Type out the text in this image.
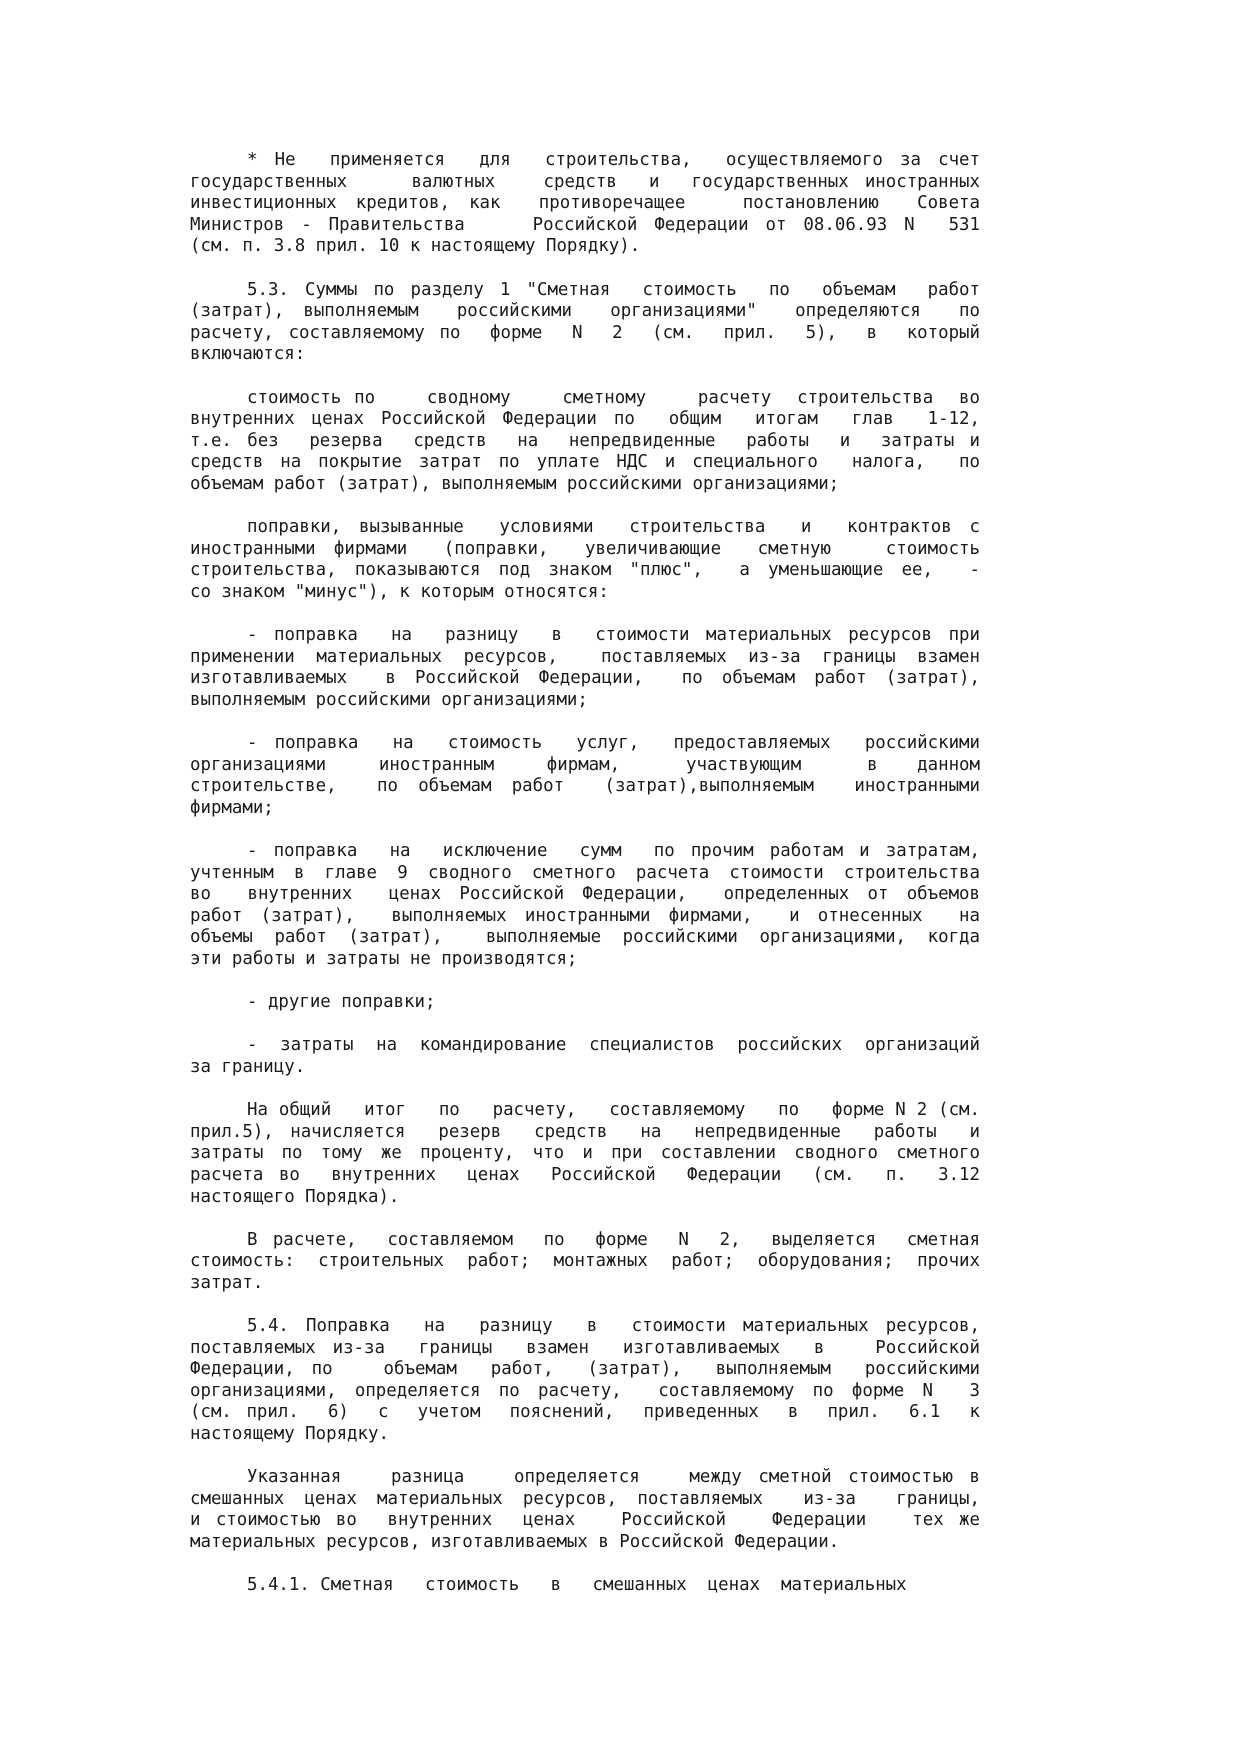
* Не  применяется  для  строительства,  осуществляемого за счет
государственных    валютных   средств  и  государственных иностранных
инвестиционных кредитов, как  противоречащее   постановлению  Совета
Министров - Правительства    Российской Федерации от 08.06.93 N  531
(см. п. 3.8 прил. 10 к настоящему Порядку).
5.3. Суммы по разделу 1 "Сметная  стоимость  по  объемам  работ
(затрат), выполняемым  российскими  организациями"  определяются  по
расчету, составляемому по  форме  N  2  (см.  прил.  5),  в  который
включаются:
стоимость по    сводному    сметному    расчету  строительства  во
внутренних ценах Российской Федерации по  общим  итогам  глав  1-12,
т.е. без  резерва  средств  на  непредвиденные  работы  и  затраты и
средств на покрытие затрат по уплате НДС и специального  налога,  по
объемам работ (затрат), выполняемым российскими организациями;
поправки, вызыванные  условиями  строительства  и  контрактов с
иностранными фирмами  (поправки,  увеличивающие  сметную   стоимость
строительства, показываются под знаком "плюс",  а уменьшающие ее,  -
со знаком "минус"), к которым относятся:
- поправка  на  разницу  в  стоимости материальных ресурсов при
применении материальных ресурсов,  поставляемых из-за границы взамен
изготавливаемых  в Российской Федерации,  по объемам работ (затрат),
выполняемым российскими организациями;
- поправка  на  стоимость  услуг,  предоставляемых  российскими
организациями    иностранным    фирмам,     участвующим     в   данном
строительстве,  по объемам работ  (затрат),выполняемым  иностранными
фирмами;
- поправка  на  исключение  сумм  по прочим работам и затратам,
учтенным в главе 9 сводного сметного расчета стоимости строительства
во  внутренних  ценах Российской Федерации,  определенных от объемов
работ (затрат),  выполняемых иностранными фирмами,  и отнесенных  на
объемы работ (затрат),  выполняемые российскими организациями, когда
эти работы и затраты не производятся;
- другие поправки;
- затраты на командирование специалистов российских организаций
за границу.
На общий   итог   по   расчету,   составляемому   по   форме N 2 (см.
прил.5), начисляется  резерв  средств  на  непредвиденные  работы  и
затраты по тому же проценту, что и при составлении сводного сметного
расчета во  внутренних  ценах  Российской  Федерации  (см.  п.  3.12
настоящего Порядка).
В расчете,  составляемом  по  форме  N  2,  выделяется  сметная
стоимость: строительных работ; монтажных работ; оборудования; прочих
затрат.
5.4. Поправка  на  разницу  в  стоимости материальных ресурсов,
поставляемых из-за  границы  взамен  изготавливаемых  в   Российской
Федерации, по   объемам  работ,  (затрат),  выполняемым  российскими
организациями, определяется по расчету,  составляемому по форме N  3
(см. прил.  6)  с  учетом  пояснений,  приведенных  в  прил.  6.1  к
настоящему Порядку.
Указанная   разница   определяется   между сметной стоимостью в
смешанных ценах материальных ресурсов, поставляемых  из-за  границы,
и стоимостью во  внутренних  ценах   Российской   Федерации   тех же
материальных ресурсов, изготавливаемых в Российской Федерации.
5.4.1. Сметная   стоимость   в   смешанных  ценах  материальных
